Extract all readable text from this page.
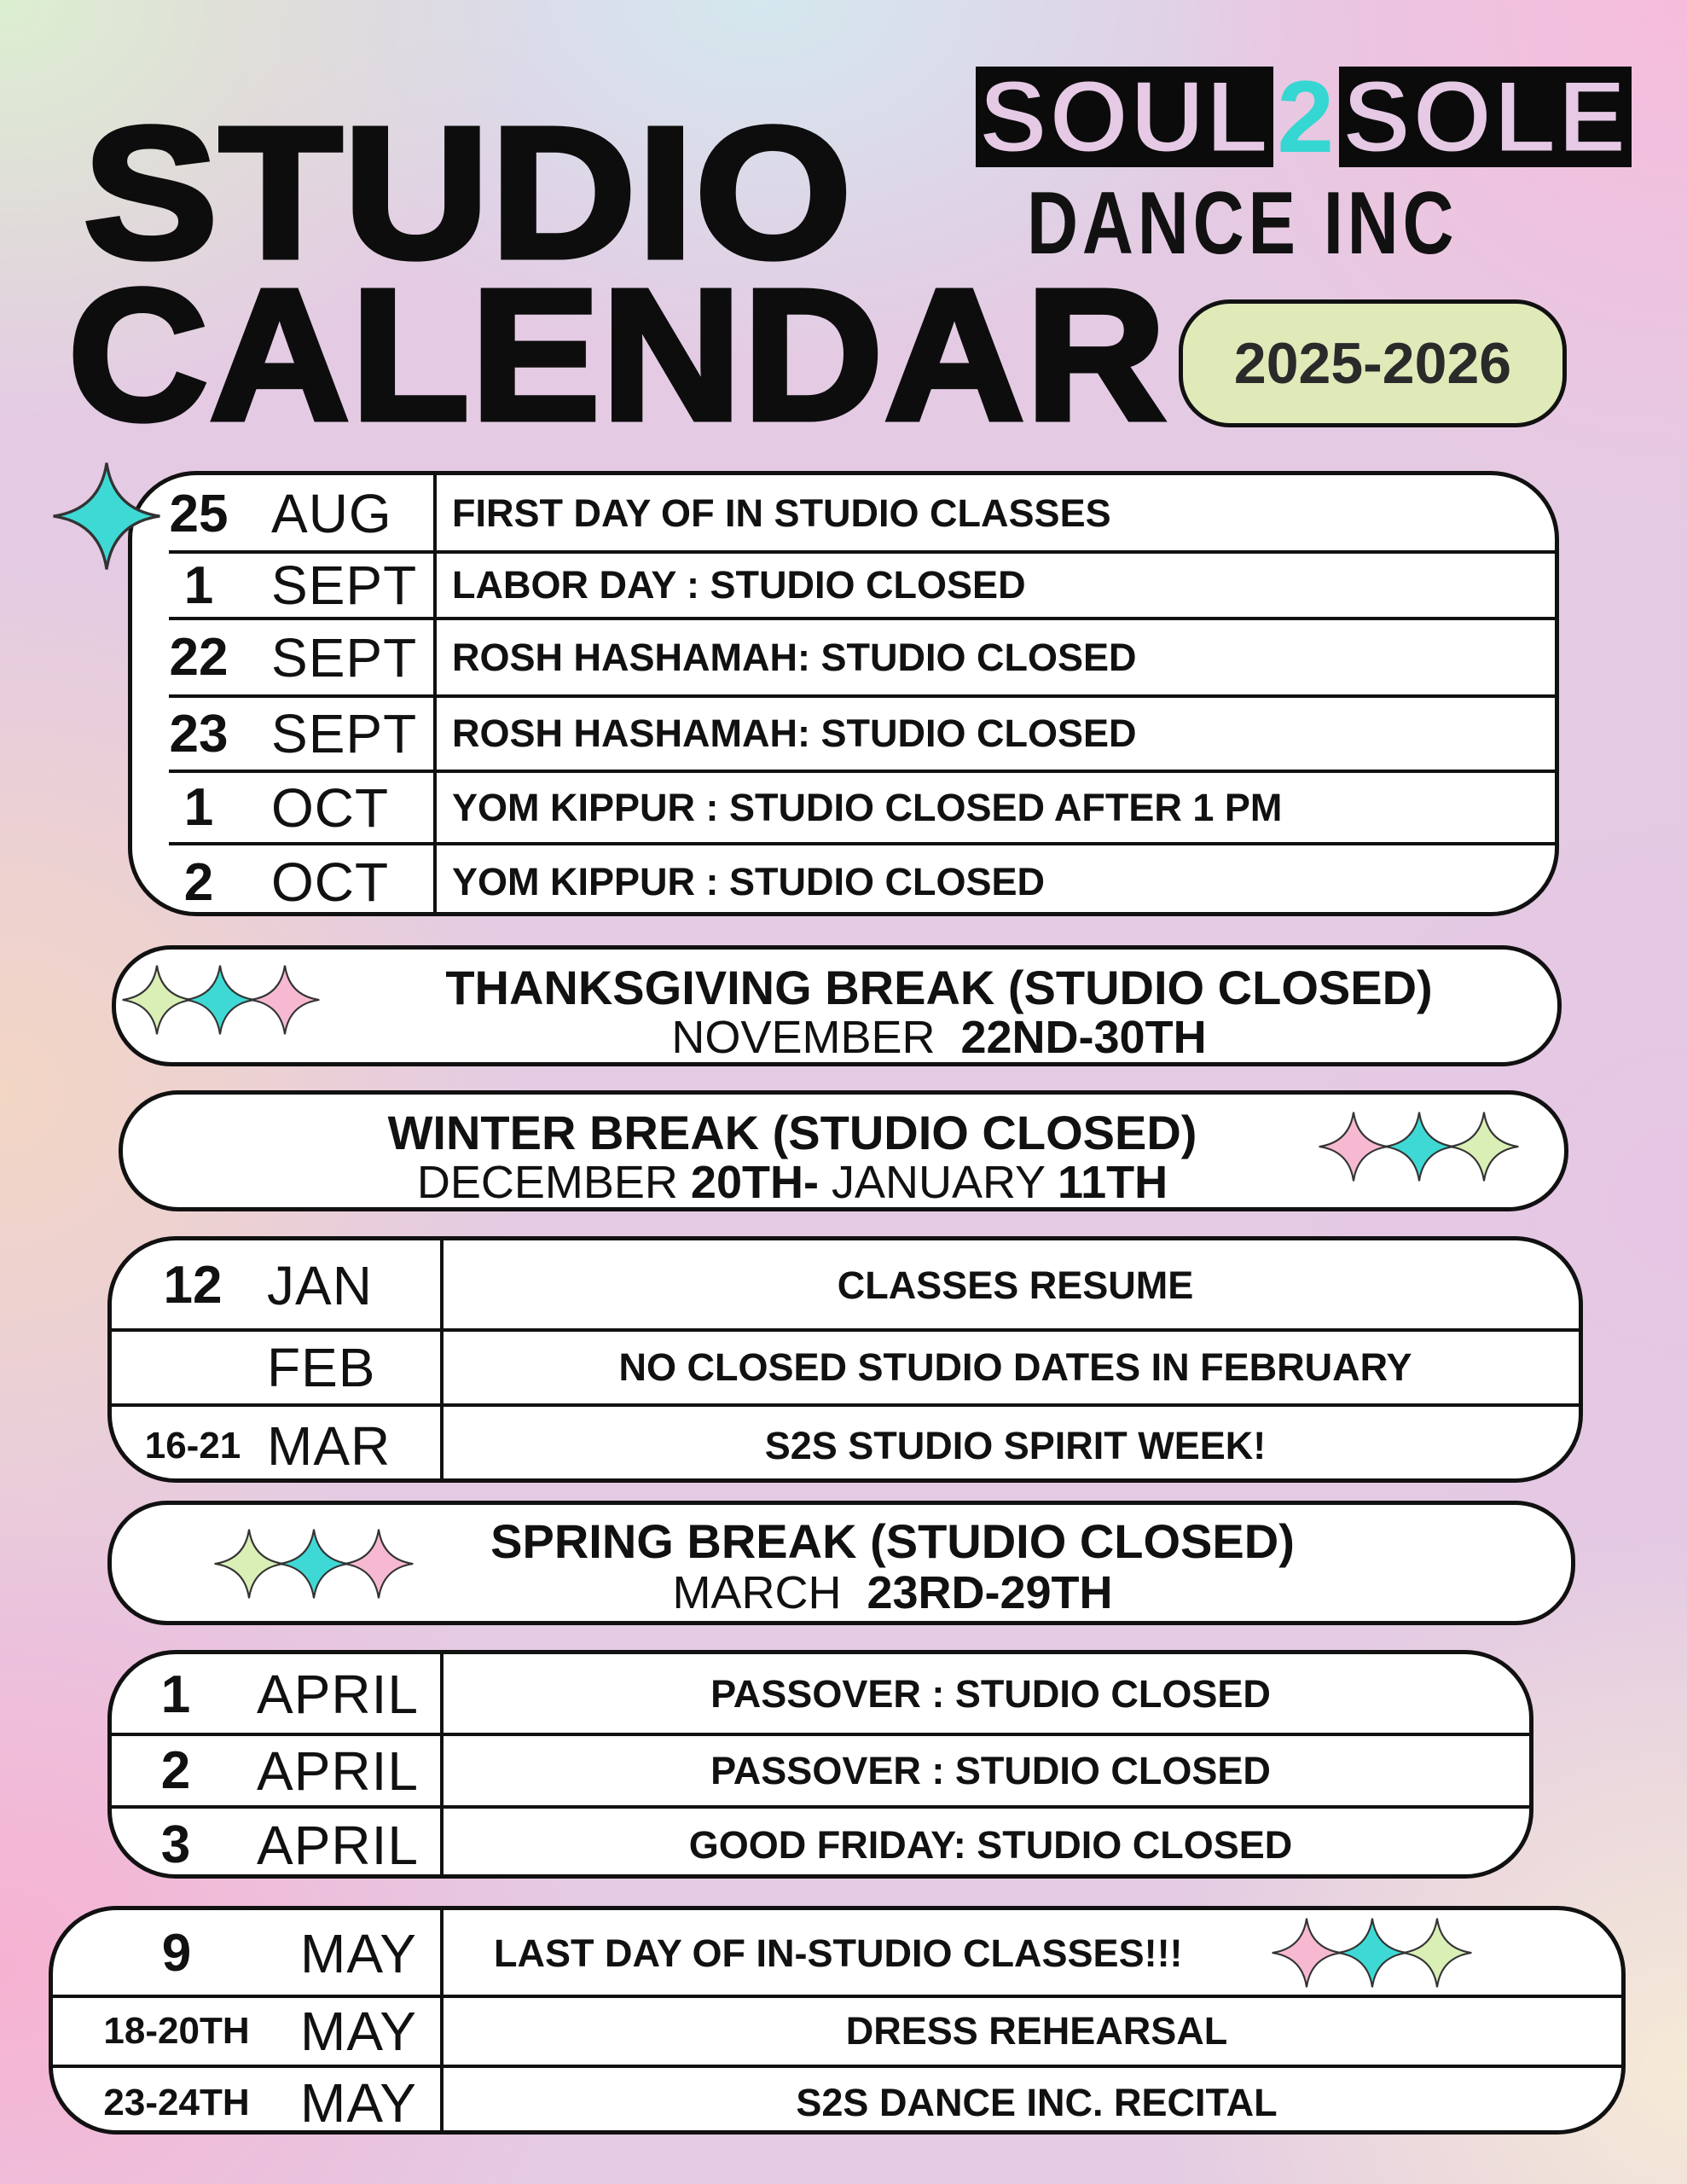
STUDIO
CALENDAR
SOUL2SOLE
DANCE INC
2025-2026
25 AUG FIRST DAY OF IN STUDIO CLASSES
1	SEPT LABOR DAY : STUDIO CLOSED
22 SEPT ROSH HASHAMAH: STUDIO CLOSED
23 SEPT ROSH HASHAMAH: STUDIO CLOSED
1	OCT YOM KIPPUR : STUDIO CLOSED AFTER 1 PM
2	OCT YOM KIPPUR : STUDIO CLOSED
THANKSGIVING BREAK (STUDIO CLOSED)
NOVEMBER  22ND-30TH
WINTER BREAK (STUDIO CLOSED)
DECEMBER 20TH- JANUARY 11TH
12 JAN	CLASSES RESUME
FEB	NO CLOSED STUDIO DATES IN FEBRUARY
16-21 MAR	S2S STUDIO SPIRIT WEEK!
SPRING BREAK (STUDIO CLOSED)
MARCH  23RD-29TH
1	APRIL	PASSOVER : STUDIO CLOSED
2	APRIL	PASSOVER : STUDIO CLOSED
3	APRIL	GOOD FRIDAY: STUDIO CLOSED
9	MAY LAST DAY OF IN-STUDIO CLASSES!!!
18-20TH MAY	DRESS REHEARSAL
23-24TH MAY	S2S DANCE INC. RECITAL
